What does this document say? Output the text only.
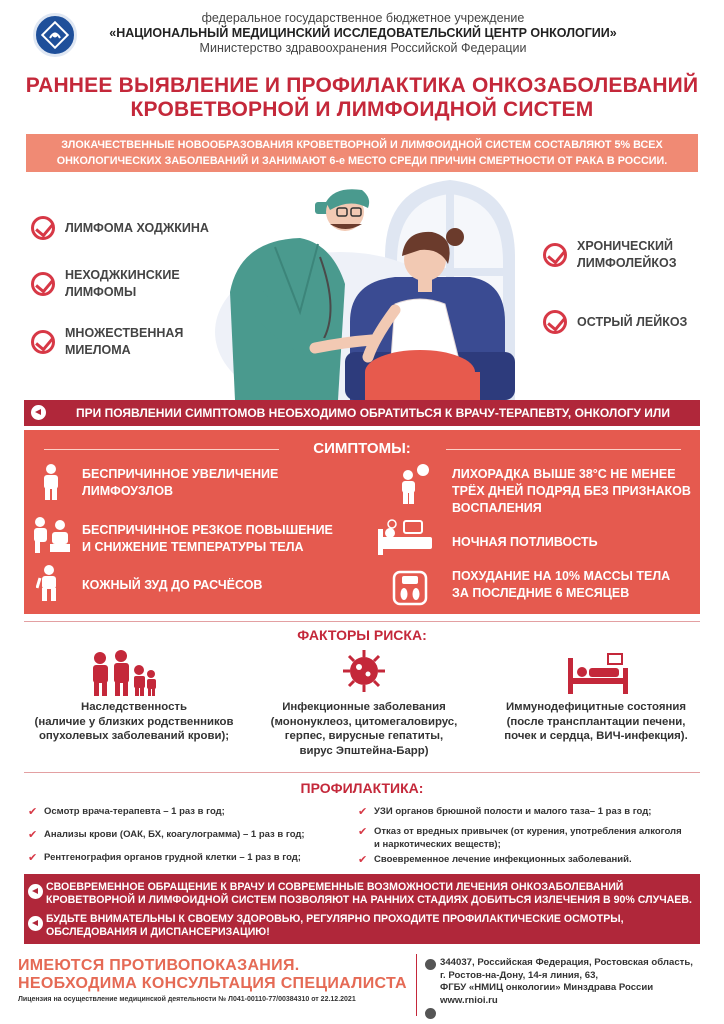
федеральное государственное бюджетное учреждение
«НАЦИОНАЛЬНЫЙ МЕДИЦИНСКИЙ ИССЛЕДОВАТЕЛЬСКИЙ ЦЕНТР ОНКОЛОГИИ»
Министерство здравоохранения Российской Федерации
РАННЕЕ ВЫЯВЛЕНИЕ И ПРОФИЛАКТИКА ОНКОЗАБОЛЕВАНИЙ
КРОВЕТВОРНОЙ И ЛИМФОИДНОЙ СИСТЕМ
ЗЛОКАЧЕСТВЕННЫЕ НОВООБРАЗОВАНИЯ КРОВЕТВОРНОЙ И ЛИМФОИДНОЙ СИСТЕМ СОСТАВЛЯЮТ 5% ВСЕХ
ОНКОЛОГИЧЕСКИХ ЗАБОЛЕВАНИЙ И ЗАНИМАЮТ 6-е МЕСТО СРЕДИ ПРИЧИН СМЕРТНОСТИ ОТ РАКА В РОССИИ.
ЛИМФОМА ХОДЖКИНА
НЕХОДЖКИНСКИЕ
ЛИМФОМЫ
МНОЖЕСТВЕННАЯ
МИЕЛОМА
ХРОНИЧЕСКИЙ
ЛИМФОЛЕЙКОЗ
ОСТРЫЙ ЛЕЙКОЗ
ПРИ ПОЯВЛЕНИИ СИМПТОМОВ НЕОБХОДИМО ОБРАТИТЬСЯ К ВРАЧУ-ТЕРАПЕВТУ, ОНКОЛОГУ ИЛИ
СИМПТОМЫ:
БЕСПРИЧИННОЕ УВЕЛИЧЕНИЕ
ЛИМФОУЗЛОВ
БЕСПРИЧИННОЕ РЕЗКОЕ ПОВЫШЕНИЕ
И СНИЖЕНИЕ ТЕМПЕРАТУРЫ ТЕЛА
КОЖНЫЙ ЗУД ДО РАСЧЁСОВ
ЛИХОРАДКА ВЫШЕ 38°С НЕ МЕНЕЕ
ТРЁХ ДНЕЙ ПОДРЯД БЕЗ ПРИЗНАКОВ
ВОСПАЛЕНИЯ
НОЧНАЯ ПОТЛИВОСТЬ
ПОХУДАНИЕ НА 10% МАССЫ ТЕЛА
ЗА ПОСЛЕДНИЕ 6 МЕСЯЦЕВ
ФАКТОРЫ РИСКА:
Наследственность
(наличие у близких родственников
опухолевых заболеваний крови);
Инфекционные заболевания
(мононуклеоз, цитомегаловирус,
герпес, вирусные гепатиты,
вирус Эпштейна-Барр)
Иммунодефицитные состояния
(после трансплантации печени,
почек и сердца, ВИЧ-инфекция).
ПРОФИЛАКТИКА:
✔ Осмотр врача-терапевта – 1 раз в год;
✔ Анализы крови (ОАК, БХ, коагулограмма) – 1 раз в год;
✔ Рентгенография органов грудной клетки – 1 раз в год;
✔ УЗИ органов брюшной полости и малого таза– 1 раз в год;
✔ Отказ от вредных привычек (от курения, употребления алкоголя
и наркотических веществ);
✔ Своевременное лечение инфекционных заболеваний.
СВОЕВРЕМЕННОЕ ОБРАЩЕНИЕ К ВРАЧУ И СОВРЕМЕННЫЕ ВОЗМОЖНОСТИ ЛЕЧЕНИЯ ОНКОЗАБОЛЕВАНИЙ
КРОВЕТВОРНОЙ И ЛИМФОИДНОЙ СИСТЕМ ПОЗВОЛЯЮТ НА РАННИХ СТАДИЯХ ДОБИТЬСЯ ИЗЛЕЧЕНИЯ В 90% СЛУЧАЕВ.
БУДЬТЕ ВНИМАТЕЛЬНЫ К СВОЕМУ ЗДОРОВЬЮ, РЕГУЛЯРНО ПРОХОДИТЕ ПРОФИЛАКТИЧЕСКИЕ ОСМОТРЫ,
ОБСЛЕДОВАНИЯ И ДИСПАНСЕРИЗАЦИЮ!
ИМЕЮТСЯ ПРОТИВОПОКАЗАНИЯ.
НЕОБХОДИМА КОНСУЛЬТАЦИЯ СПЕЦИАЛИСТА
Лицензия на осуществление медицинской деятельности № Л041-00110-77/00384310 от 22.12.2021
344037, Российская Федерация, Ростовская область,
г. Ростов-на-Дону, 14-я линия, 63,
ФГБУ «НМИЦ онкологии» Минздрава России
www.rnioi.ru
